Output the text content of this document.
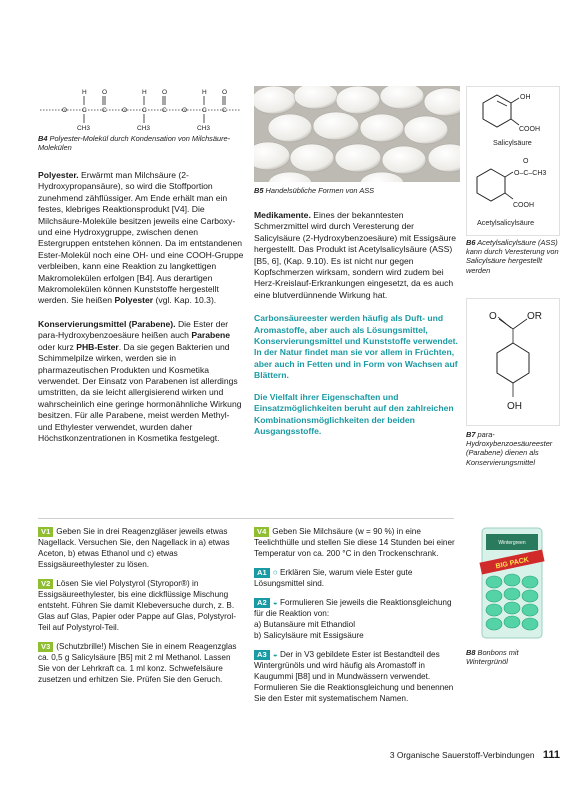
O C C O C C O C C
H	H	H
O	O	O
CH3	CH3	CH3
B4 Polyester-Molekül durch Kondensation von Milchsäure-Molekülen
B5 Handelsübliche Formen von ASS
OH
COOH
Salicylsäure
O–C–CH3
O
COOH
Acetylsalicylsäure
B6 Acetylsalicylsäure (ASS) kann durch Veresterung von Salicylsäure hergestellt werden
O	OR
OH
B7 para-Hydroxybenzoesäureester (Parabene) dienen als Konservierungsmittel

Polyester. Erwärmt man Milchsäure (2-Hydroxypropansäure), so wird die Stoffportion zunehmend zähflüssiger. Am Ende erhält man ein festes, klebriges Reaktionsprodukt [V4]. Die Milchsäure-Moleküle besitzen jeweils eine Carboxy- und eine Hydroxygruppe, zwischen denen Estergruppen entstehen können. Da im entstandenen Ester-Molekül noch eine OH- und eine COOH-Gruppe verbleiben, kann eine Reaktion zu langkettigen Makromolekülen erfolgen [B4]. Aus derartigen Makromolekülen können Kunststoffe hergestellt werden. Sie heißen Polyester (vgl. Kap. 10.3).

Konservierungsmittel (Parabene). Die Ester der para-Hydroxybenzoesäure heißen auch Parabene oder kurz PHB-Ester. Da sie gegen Bakterien und Schimmelpilze wirken, werden sie in pharmazeutischen Produkten und Kosmetika verwendet. Der Einsatz von Parabenen ist allerdings umstritten, da sie leicht allergisierend wirken und wahrscheinlich eine geringe hormonähnliche Wirkung besitzen. Für alle Parabene, meist werden Methyl- und Ethylester verwendet, wurden daher Höchstkonzentrationen in Kosmetika festgelegt.

Medikamente. Eines der bekanntesten Schmerzmittel wird durch Veresterung der Salicylsäure (2-Hydroxybenzoesäure) mit Essigsäure hergestellt. Das Produkt ist Acetylsalicylsäure (ASS) [B5, 6], (Kap. 9.10). Es ist nicht nur gegen Kopfschmerzen wirksam, sondern wird zudem bei Herz-Kreislauf-Erkrankungen eingesetzt, da es auch eine blutverdünnende Wirkung hat.

Carbonsäureester werden häufig als Duft- und Aromastoffe, aber auch als Lösungsmittel, Konservierungsmittel und Kunststoffe verwendet. In der Natur findet man sie vor allem in Früchten, aber auch in Fetten und in Form von Wachsen auf Blättern.

Die Vielfalt ihrer Eigenschaften und Einsatzmöglichkeiten beruht auf den zahlreichen Kombinationsmöglichkeiten der beiden Ausgangsstoffe.

V1 Geben Sie in drei Reagenzgläser jeweils etwas Nagellack. Versuchen Sie, den Nagellack in a) etwas Aceton, b) etwas Ethanol und c) etwas Essigsäureethylester zu lösen.
V2 Lösen Sie viel Polystyrol (Styropor®) in Essigsäureethylester, bis eine dickflüssige Mischung entsteht. Führen Sie damit Klebeversuche durch, z. B. Glas auf Glas, Papier oder Pappe auf Glas, Polystyrol-Teil auf Polystyrol-Teil.
V3 (Schutzbrille!) Mischen Sie in einem Reagenzglas ca. 0,5 g Salicylsäure [B5] mit 2 ml Methanol. Lassen Sie von der Lehrkraft ca. 1 ml konz. Schwefelsäure zusetzen und erhitzen Sie. Prüfen Sie den Geruch.
V4 Geben Sie Milchsäure (w = 90 %) in eine Teelichthülle und stellen Sie diese 14 Stunden bei einer Temperatur von ca. 200 °C in den Trockenschrank.
A1 ○ Erklären Sie, warum viele Ester gute Lösungsmittel sind.
A2 ◒ Formulieren Sie jeweils die Reaktionsgleichung für die Reaktion von:
a) Butansäure mit Ethandiol
b) Salicylsäure mit Essigsäure
A3 ◒ Der in V3 gebildete Ester ist Bestandteil des Wintergrünöls und wird häufig als Aromastoff in Kaugummi [B8] und in Mundwässern verwendet. Formulieren Sie die Reaktionsgleichung und benennen Sie den Ester mit systematischem Namen.
Wintergreen
BIG PACK
B8 Bonbons mit Wintergrünöl
3 Organische Sauerstoff-Verbindungen 111
